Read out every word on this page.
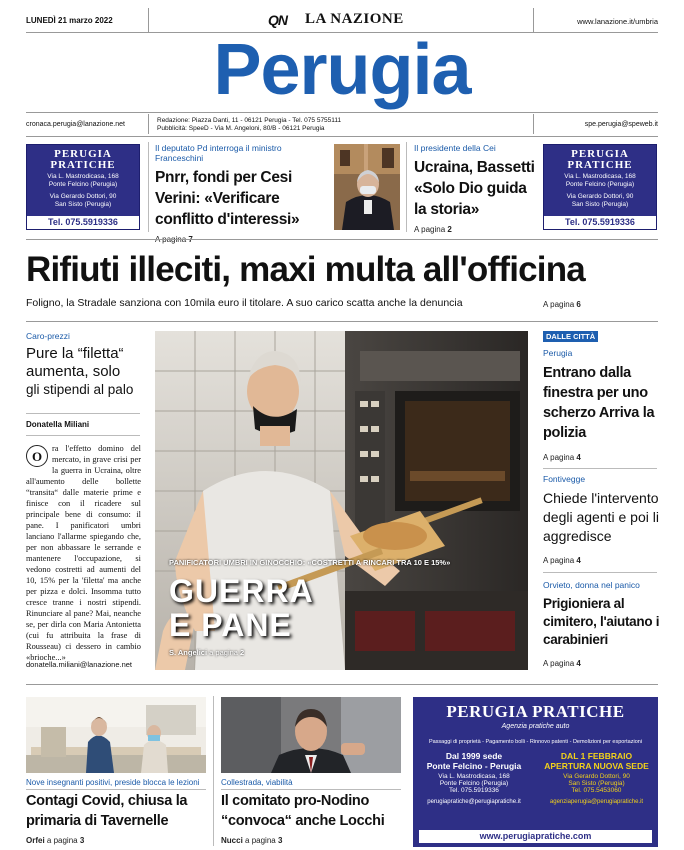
LUNEDÌ 21 marzo 2022	QN LA NAZIONE	www.lanazione.it/umbria
Perugia
cronaca.perugia@lanazione.net
Redazione: Piazza Danti, 11 - 06121 Perugia - Tel. 075 5755111
Pubblicità: SpeeD - Via M. Angeloni, 80/B - 06121 Perugia
spe.perugia@speweb.it
PERUGIA
PRATICHE
Via L. Mastrodicasa, 168
Ponte Felcino (Perugia)
Via Gerardo Dottori, 90
San Sisto (Perugia)
Tel. 075.5919336
PERUGIA
PRATICHE
Via L. Mastrodicasa, 168
Ponte Felcino (Perugia)
Via Gerardo Dottori, 90
San Sisto (Perugia)
Tel. 075.5919336
Il deputato Pd interroga il ministro Franceschini
Pnrr, fondi per Cesi Verini: «Verificare conflitto d'interessi»
Il presidente della Cei
Ucraina, Bassetti «Solo Dio guida la storia»
A pagina 2
Rifiuti illeciti, maxi multa all'officina
Foligno, la Stradale sanziona con 10mila euro il titolare. A suo carico scatta anche la denuncia	A pagina 6
Caro-prezzi
Pure la “filetta“ aumenta, solo
gli stipendi al palo
Donatella Miliani
O
ra l'effetto domino del mercato, in grave crisi per la guerra in Ucraina, oltre all'aumento delle bollette “transita“ dalle materie prime e finisce con il ricadere sul principale bene di consumo: il pane. I panificatori umbri lanciano l'allarme spiegando che, per non abbassare le serrande e mantenere l'occupazione, si vedono costretti ad aumenti del 10, 15% per la 'filetta' ma anche per pizza e dolci. Insomma tutto cresce tranne i nostri stipendi. Rinunciare al pane? Mai, neanche se, per dirla con Maria Antonietta (cui fu attribuita la frase di Rousseau) ci dessero in cambio «brioche...»
donatella.miliani@lanazione.net
PANIFICATORI UMBRI IN GINOCCHIO: «COSTRETTI A RINCARI TRA 10 E 15%»
GUERRA
E PANE
S. Angelici a pagina 2
DALLE CITTÀ
Perugia
Entrano dalla finestra per uno scherzo Arriva la polizia
A pagina 4
Fontivegge
Chiede l'intervento degli agenti e poi li aggredisce
A pagina 4
Orvieto, donna nel panico
Prigioniera al cimitero, l'aiutano i carabinieri
A pagina 4
Nove insegnanti positivi, preside blocca le lezioni
Contagi Covid, chiusa la primaria di Tavernelle
Orfei a pagina 3
Collestrada, viabilità
Il comitato pro-Nodino “convoca“ anche Locchi
Nucci a pagina 3
PERUGIA PRATICHE
Agenzia pratiche auto
Passaggi di proprietà - Pagamento bolli - Rinnovo patenti - Demolizioni per esportazioni
Dal 1999 sede
Ponte Felcino - Perugia
Via L. Mastrodicasa, 168
Ponte Felcino (Perugia)
Tel. 075.5919336
perugiapratiche@perugiapratiche.it
DAL 1 FEBBRAIO
APERTURA NUOVA SEDE
Via Gerardo Dottori, 90
San Sisto (Perugia)
Tel. 075.5453060
agenziaperugia@perugiapratiche.it
www.perugiapratiche.com
